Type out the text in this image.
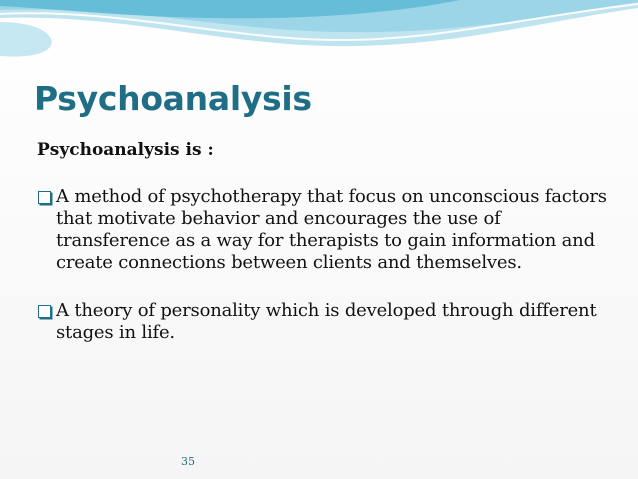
Psychoanalysis

Psychoanalysis is :

A method of psychotherapy that focus on unconscious factors that motivate behavior and encourages the use of transference as a way for therapists to gain information and create connections between clients and themselves.
A theory of personality which is developed through different stages in life.
35
